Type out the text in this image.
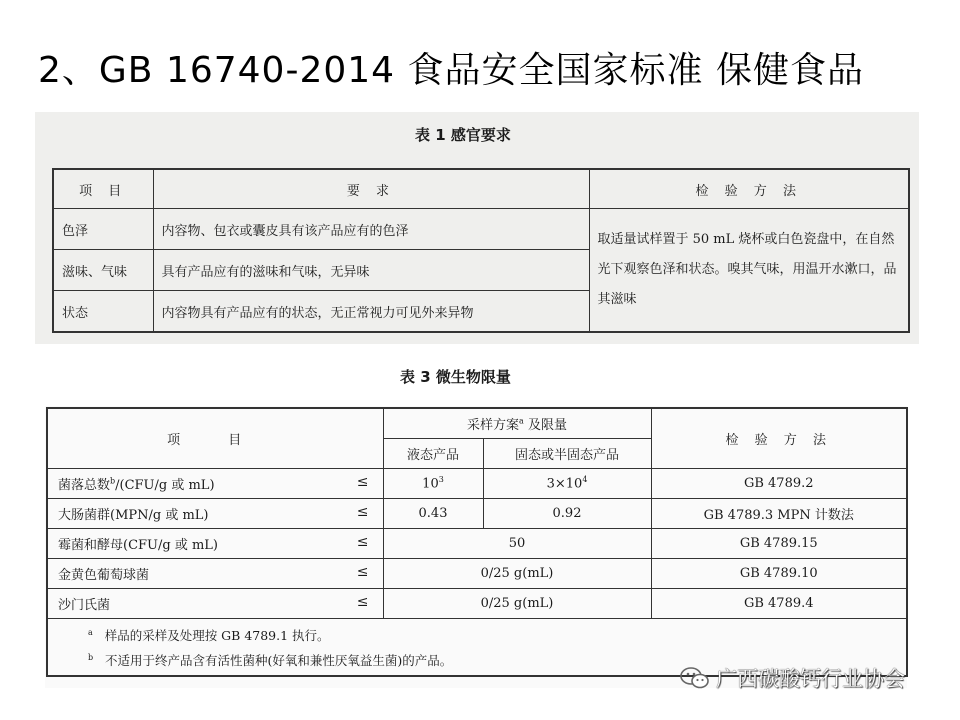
2、GB 16740-2014 食品安全国家标准 保健食品
表 1 感官要求
项 目	要 求	检 验 方 法
色泽	内容物、包衣或囊皮具有该产品应有的色泽	取适量试样置于 50 mL 烧杯或白色瓷盘中，在自然光下观察色泽和状态。嗅其气味，用温开水漱口，品其滋味
滋味、气味	具有产品应有的滋味和气味，无异味	
状态	内容物具有产品应有的状态，无正常视力可见外来异物	
表 3 微生物限量
项 目	采样方案$^a$ 及限量		检 验 方 法
	液态产品	固态或半固态产品	
菌落总数$^b$/(CFU/g 或 mL) ≤	$10^3$	$3\times 10^4$	GB 4789.2
大肠菌群(MPN/g 或 mL) ≤	0.43	0.92	GB 4789.3 MPN 计数法
霉菌和酵母(CFU/g 或 mL) ≤	50		GB 4789.15
金黄色葡萄球菌 ≤	0/25 g(mL)		GB 4789.10
沙门氏菌 ≤	0/25 g(mL)		GB 4789.4

$^a$ 样品的采样及处理按 GB 4789.1 执行。
$^b$ 不适用于终产品含有活性菌种(好氧和兼性厌氧益生菌)的产品。			
广西碳酸钙行业协会
